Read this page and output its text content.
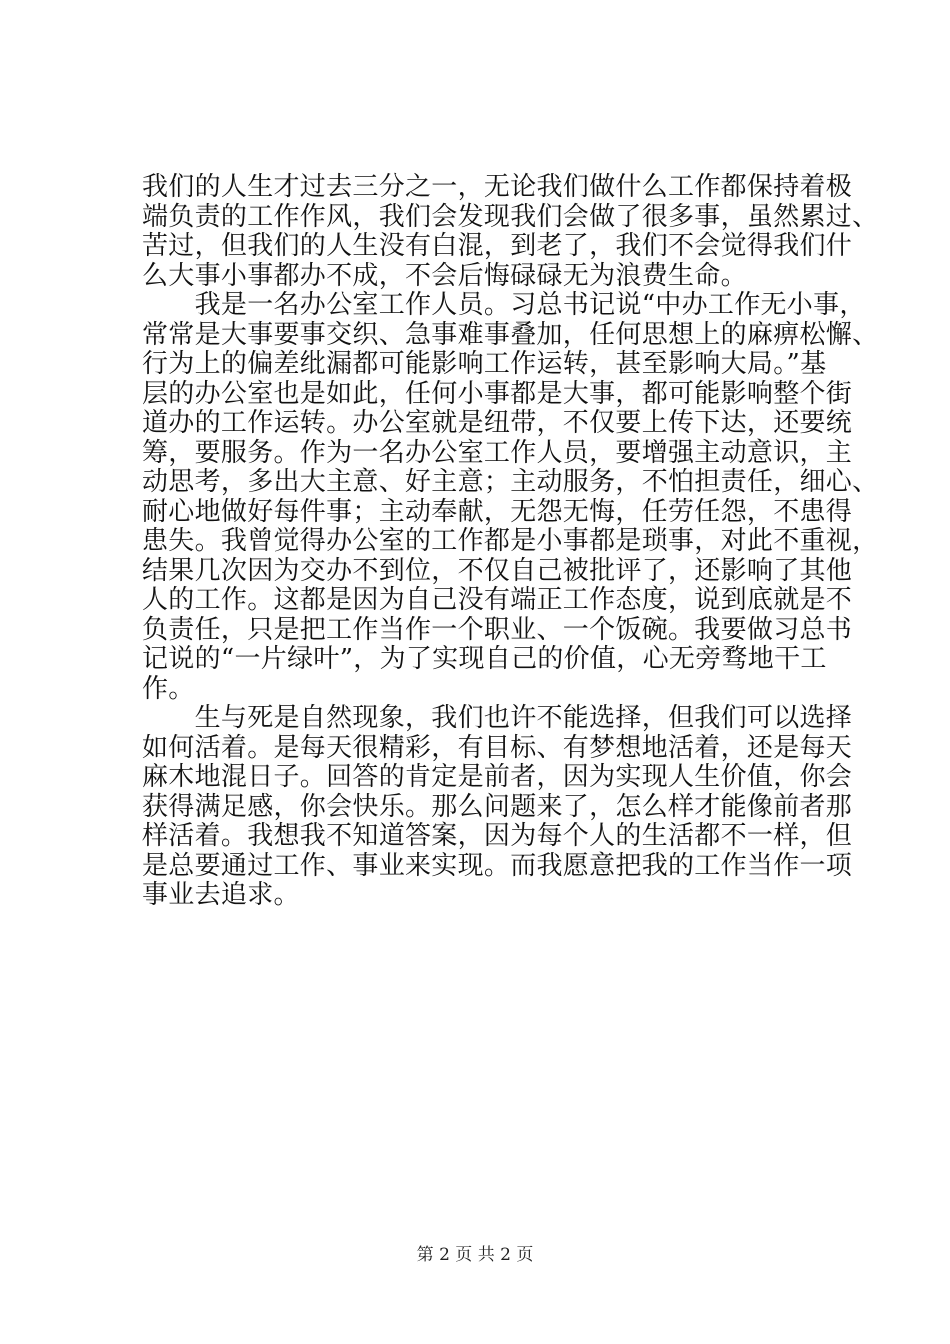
我们的人生才过去三分之一，无论我们做什么工作都保持着极
端负责的工作作风，我们会发现我们会做了很多事，虽然累过、
苦过，但我们的人生没有白混，到老了，我们不会觉得我们什
么大事小事都办不成，不会后悔碌碌无为浪费生命。
　　我是一名办公室工作人员。习总书记说“中办工作无小事，
常常是大事要事交织、急事难事叠加，任何思想上的麻痹松懈、
行为上的偏差纰漏都可能影响工作运转，甚至影响大局。”基
层的办公室也是如此，任何小事都是大事，都可能影响整个街
道办的工作运转。办公室就是纽带，不仅要上传下达，还要统
筹，要服务。作为一名办公室工作人员，要增强主动意识，主
动思考，多出大主意、好主意；主动服务，不怕担责任，细心、
耐心地做好每件事；主动奉献，无怨无悔，任劳任怨，不患得
患失。我曾觉得办公室的工作都是小事都是琐事，对此不重视，
结果几次因为交办不到位，不仅自己被批评了，还影响了其他
人的工作。这都是因为自己没有端正工作态度，说到底就是不
负责任，只是把工作当作一个职业、一个饭碗。我要做习总书
记说的“一片绿叶”，为了实现自己的价值，心无旁骛地干工
作。
　　生与死是自然现象，我们也许不能选择，但我们可以选择
如何活着。是每天很精彩，有目标、有梦想地活着，还是每天
麻木地混日子。回答的肯定是前者，因为实现人生价值，你会
获得满足感，你会快乐。那么问题来了，怎么样才能像前者那
样活着。我想我不知道答案，因为每个人的生活都不一样，但
是总要通过工作、事业来实现。而我愿意把我的工作当作一项
事业去追求。
第 2 页 共 2 页
